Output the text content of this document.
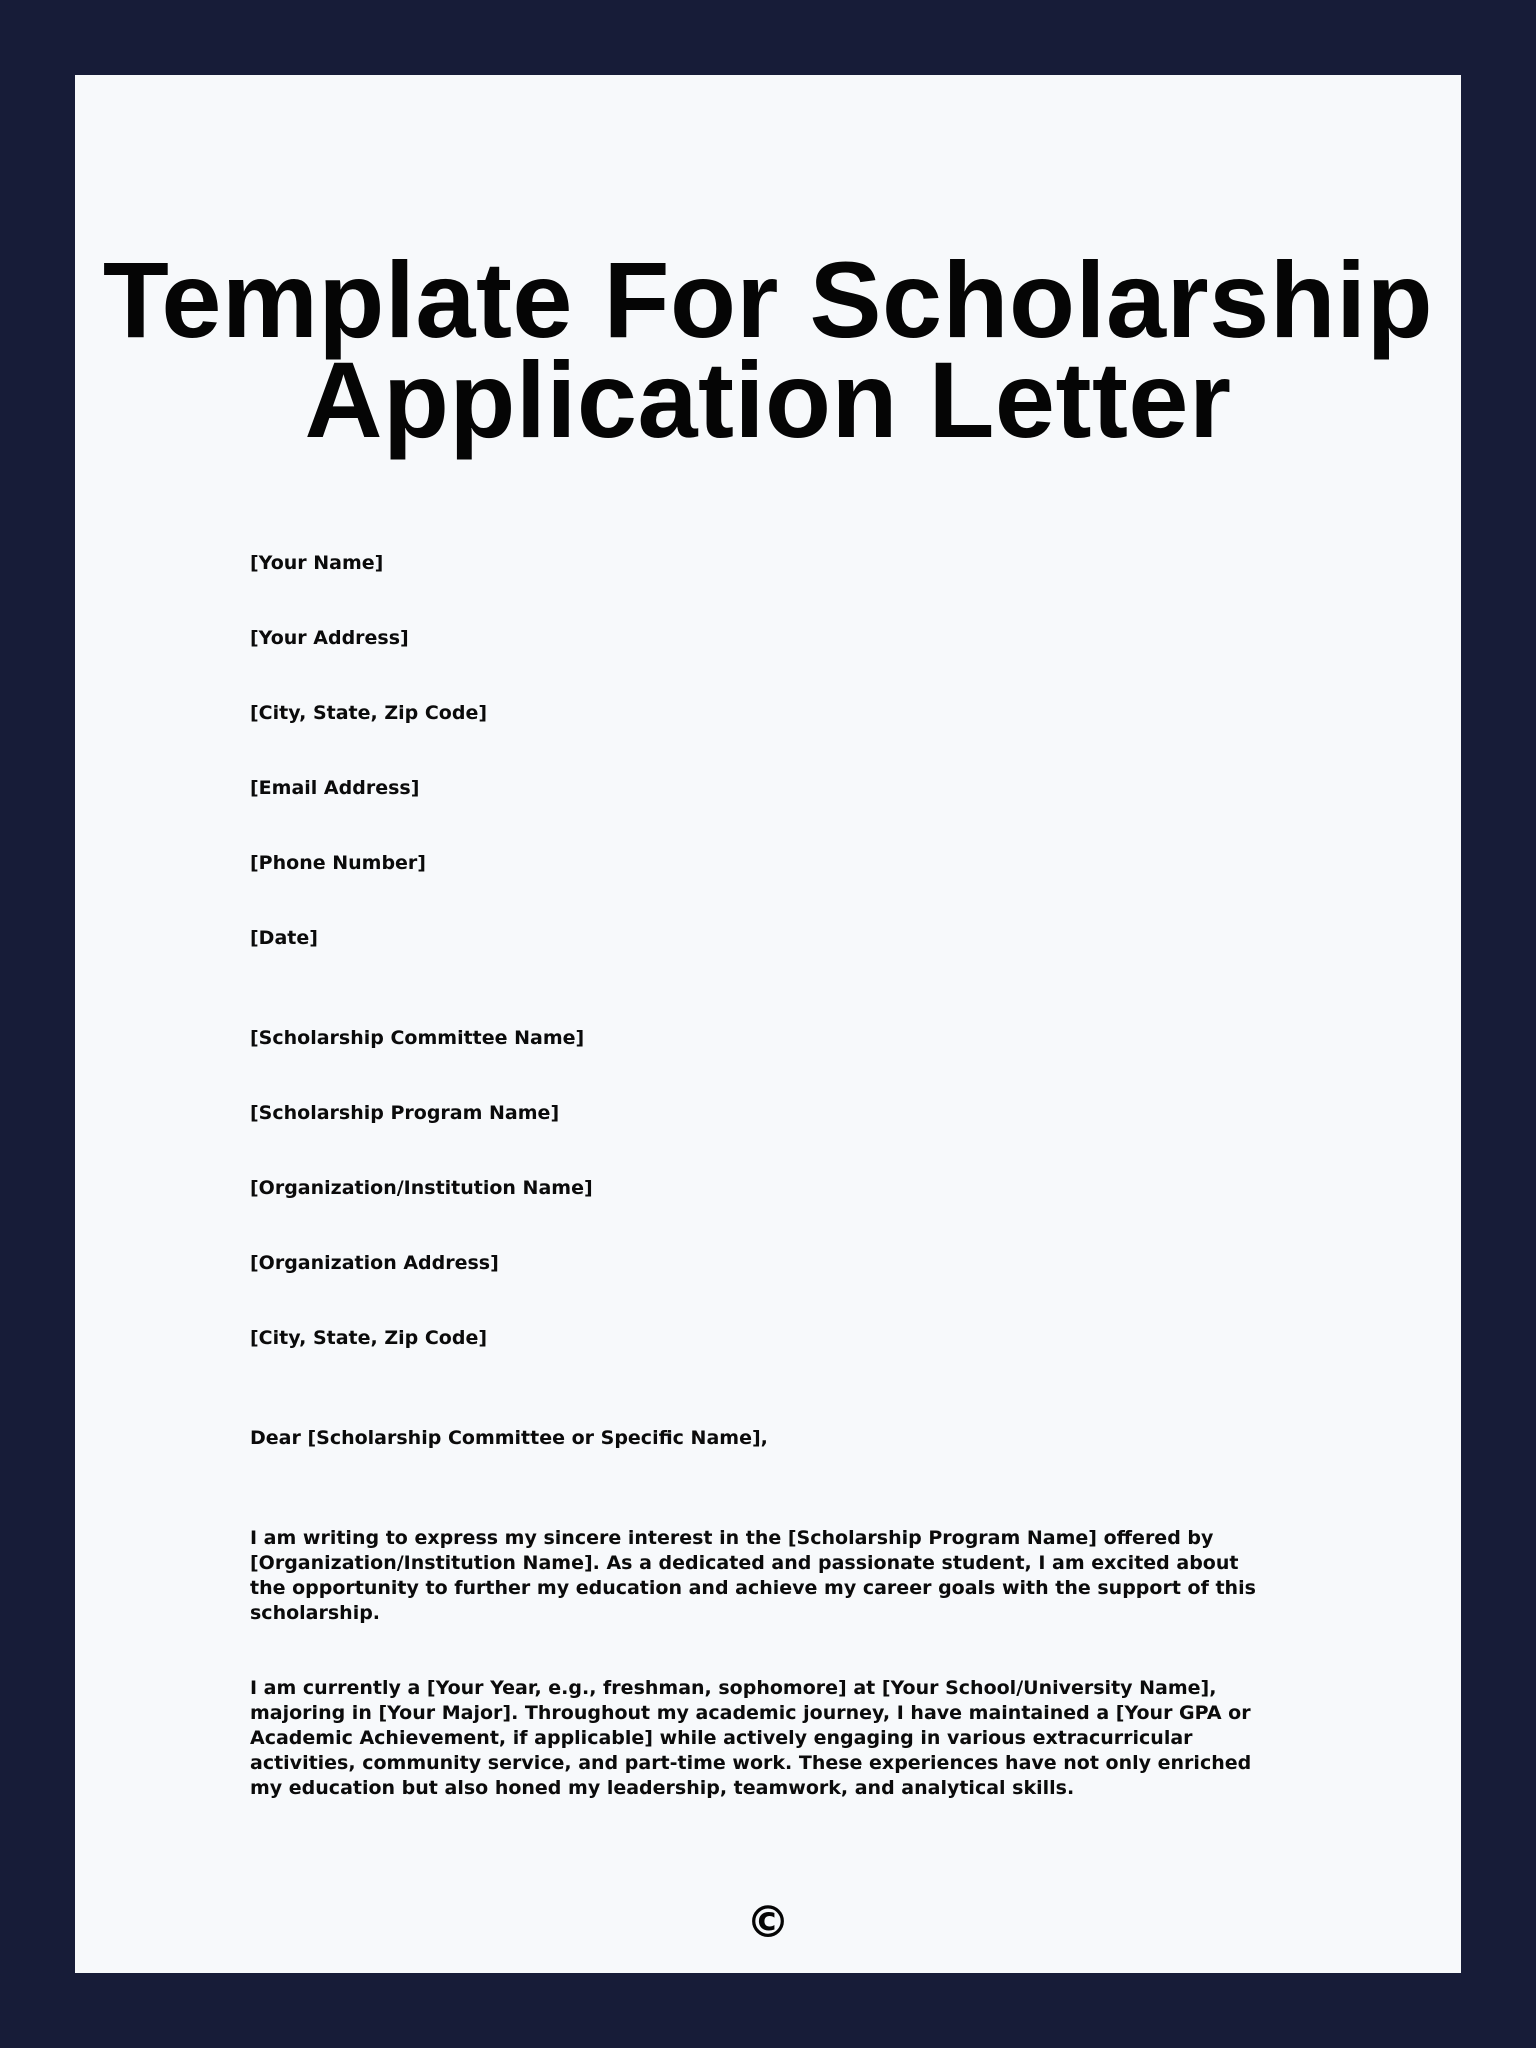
Template For Scholarship
Application Letter
[Your Name]
[Your Address]
[City, State, Zip Code]
[Email Address]
[Phone Number]
[Date]
[Scholarship Committee Name]
[Scholarship Program Name]
[Organization/Institution Name]
[Organization Address]
[City, State, Zip Code]
Dear [Scholarship Committee or Specific Name],
I am writing to express my sincere interest in the [Scholarship Program Name] offered by [Organization/Institution Name]. As a dedicated and passionate student, I am excited about the opportunity to further my education and achieve my career goals with the support of this scholarship.
I am currently a [Your Year, e.g., freshman, sophomore] at [Your School/University Name], majoring in [Your Major]. Throughout my academic journey, I have maintained a [Your GPA or Academic Achievement, if applicable] while actively engaging in various extracurricular activities, community service, and part-time work. These experiences have not only enriched my education but also honed my leadership, teamwork, and analytical skills.
©
